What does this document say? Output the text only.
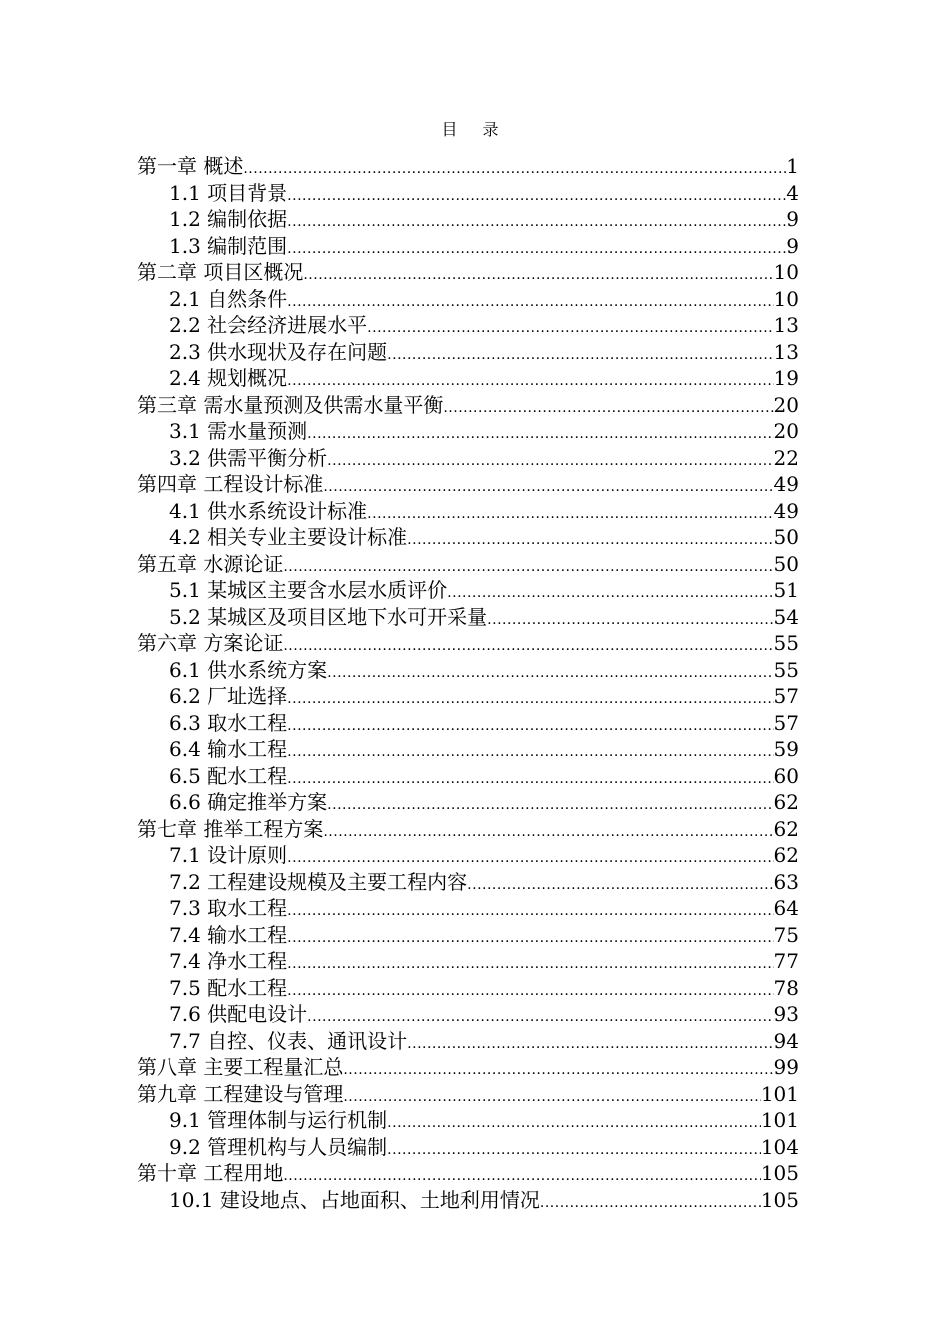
目 录
第一章 概述 .....	1
1.1 项目背景 .....	4
1.2 编制依据 .....	9
1.3 编制范围 .....	9
第二章 项目区概况 .....	10
2.1 自然条件 .....	10
2.2 社会经济进展水平 .....	13
2.3 供水现状及存在问题 .....	13
2.4 规划概况 .....	19
第三章 需水量预测及供需水量平衡 .....	20
3.1 需水量预测 .....	20
3.2 供需平衡分析 .....	22
第四章 工程设计标准 .....	49
4.1 供水系统设计标准 .....	49
4.2 相关专业主要设计标准 .....	50
第五章 水源论证 .....	50
5.1 某城区主要含水层水质评价 .....	51
5.2 某城区及项目区地下水可开采量 .....	54
第六章 方案论证 .....	55
6.1 供水系统方案 .....	55
6.2 厂址选择 .....	57
6.3 取水工程 .....	57
6.4 输水工程 .....	59
6.5 配水工程 .....	60
6.6 确定推举方案 .....	62
第七章 推举工程方案 .....	62
7.1 设计原则 .....	62
7.2 工程建设规模及主要工程内容 .....	63
7.3 取水工程 .....	64
7.4 输水工程 .....	75
7.4 净水工程 .....	77
7.5 配水工程 .....	78
7.6 供配电设计 .....	93
7.7 自控、仪表、通讯设计 .....	94
第八章 主要工程量汇总 .....	99
第九章 工程建设与管理 .....	101
9.1 管理体制与运行机制 .....	101
9.2 管理机构与人员编制 .....	104
第十章 工程用地 .....	105
10.1 建设地点、占地面积、土地利用情况 .....	105
